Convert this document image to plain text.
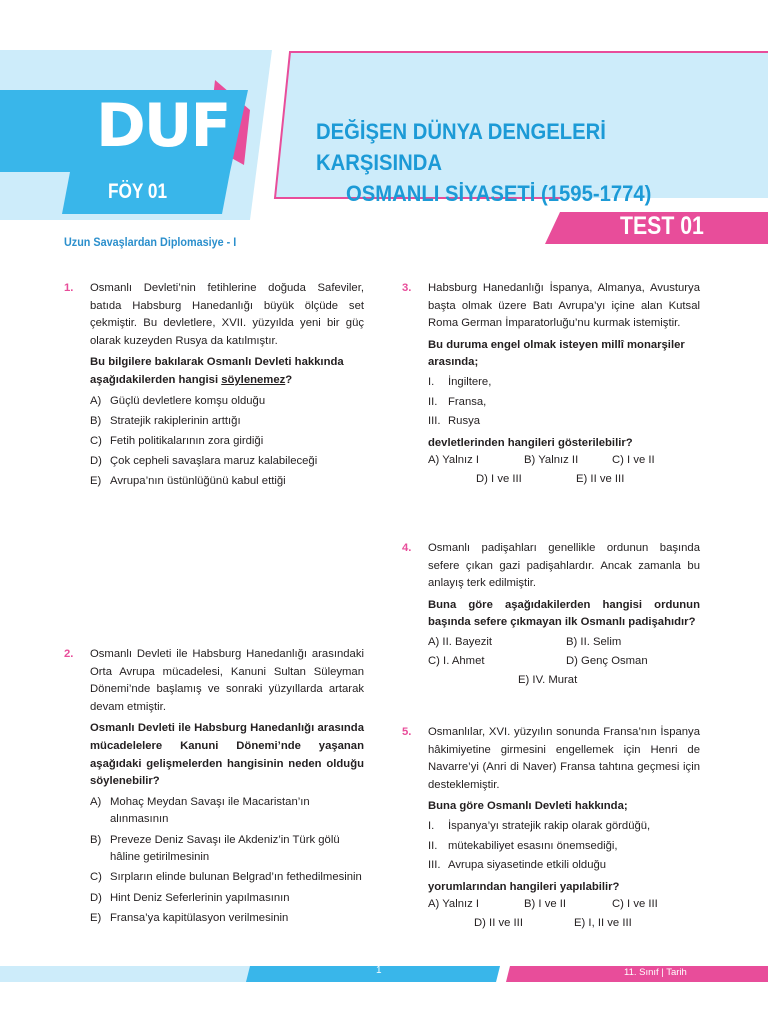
DUF
FÖY 01
DEĞİŞEN DÜNYA DENGELERİ KARŞISINDA
OSMANLI SİYASETİ (1595-1774)
TEST 01
Uzun Savaşlardan Diplomasiye - I
1. Osmanlı Devleti’nin fetihlerine doğuda Safeviler, batıda Habsburg Hanedanlığı büyük ölçüde set çekmiştir. Bu devletlere, XVII. yüzyılda yeni bir güç olarak kuzeyden Rusya da katılmıştır.

Bu bilgilere bakılarak Osmanlı Devleti hakkında aşağıdakilerden hangisi söylenemez?

A) Güçlü devletlere komşu olduğu
B) Stratejik rakiplerinin arttığı
C) Fetih politikalarının zora girdiği
D) Çok cepheli savaşlara maruz kalabileceği
E) Avrupa’nın üstünlüğünü kabul ettiği
2. Osmanlı Devleti ile Habsburg Hanedanlığı arasındaki Orta Avrupa mücadelesi, Kanuni Sultan Süleyman Dönemi’nde başlamış ve sonraki yüzyıllarda artarak devam etmiştir.

Osmanlı Devleti ile Habsburg Hanedanlığı arasında mücadelelere Kanuni Dönemi’nde yaşanan aşağıdaki gelişmelerden hangisinin neden olduğu söylenebilir?

A) Mohaç Meydan Savaşı ile Macaristan’ın alınmasının
B) Preveze Deniz Savaşı ile Akdeniz’in Türk gölü hâline getirilmesinin
C) Sırpların elinde bulunan Belgrad’ın fethedilmesinin
D) Hint Deniz Seferlerinin yapılmasının
E) Fransa’ya kapitülasyon verilmesinin
3. Habsburg Hanedanlığı İspanya, Almanya, Avusturya başta olmak üzere Batı Avrupa’yı içine alan Kutsal Roma German İmparatorluğu’nu kurmak istemiştir.

Bu duruma engel olmak isteyen millî monarşiler arasında;

I. İngiltere,
II. Fransa,
III. Rusya

devletlerinden hangileri gösterilebilir?

A) Yalnız I	B) Yalnız II	C) I ve II
D) I ve III	E) II ve III
4. Osmanlı padişahları genellikle ordunun başında sefere çıkan gazi padişahlardır. Ancak zamanla bu anlayış terk edilmiştir.

Buna göre aşağıdakilerden hangisi ordunun başında sefere çıkmayan ilk Osmanlı padişahıdır?

A) II. Bayezit	B) II. Selim
C) I. Ahmet	D) Genç Osman
E) IV. Murat
5. Osmanlılar, XVI. yüzyılın sonunda Fransa’nın İspanya hâkimiyetine girmesini engellemek için Henri de Navarre’yi (Anri di Naver) Fransa tahtına geçmesi için desteklemiştir.

Buna göre Osmanlı Devleti hakkında;

I. İspanya’yı stratejik rakip olarak gördüğü,
II. mütekabiliyet esasını önemsediği,
III. Avrupa siyasetinde etkili olduğu

yorumlarından hangileri yapılabilir?

A) Yalnız I	B) I ve II	C) I ve III
D) II ve III	E) I, II ve III
1	11. Sınıf | Tarih
